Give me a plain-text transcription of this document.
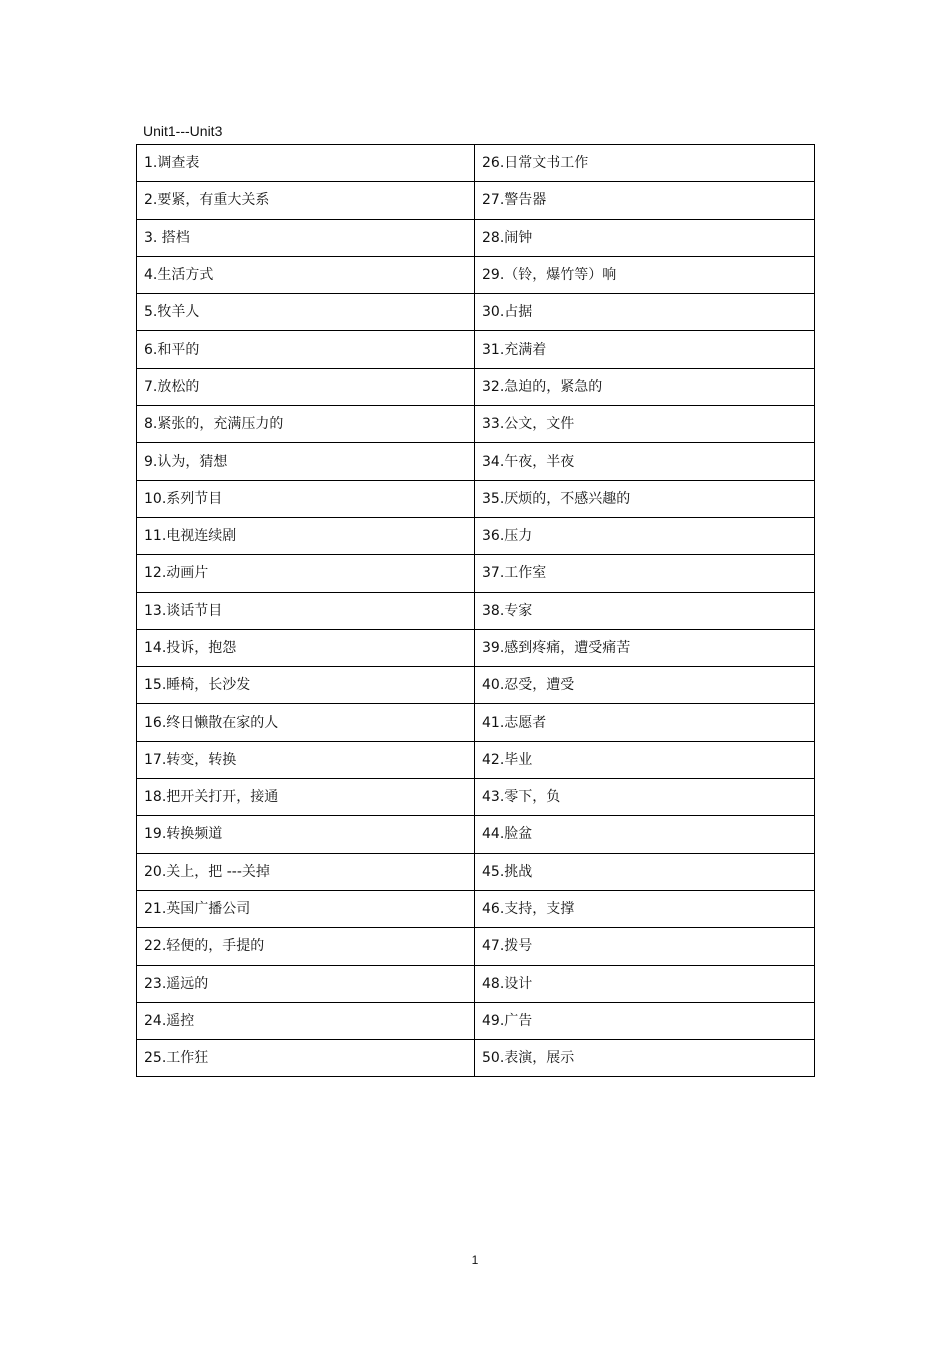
Unit1---Unit3
1.调查表	26.日常文书工作
2.要紧，有重大关系	27.警告器
3. 搭档	28.闹钟
4.生活方式	29.（铃，爆竹等）响
5.牧羊人	30.占据
6.和平的	31.充满着
7.放松的	32.急迫的，紧急的
8.紧张的，充满压力的	33.公文，文件
9.认为，猜想	34.午夜，半夜
10.系列节目	35.厌烦的，不感兴趣的
11.电视连续剧	36.压力
12.动画片	37.工作室
13.谈话节目	38.专家
14.投诉，抱怨	39.感到疼痛，遭受痛苦
15.睡椅，长沙发	40.忍受，遭受
16.终日懒散在家的人	41.志愿者
17.转变，转换	42.毕业
18.把开关打开，接通	43.零下，负
19.转换频道	44.脸盆
20.关上，把 ---关掉	45.挑战
21.英国广播公司	46.支持，支撑
22.轻便的，手提的	47.拨号
23.遥远的	48.设计
24.遥控	49.广告
25.工作狂	50.表演，展示
1
